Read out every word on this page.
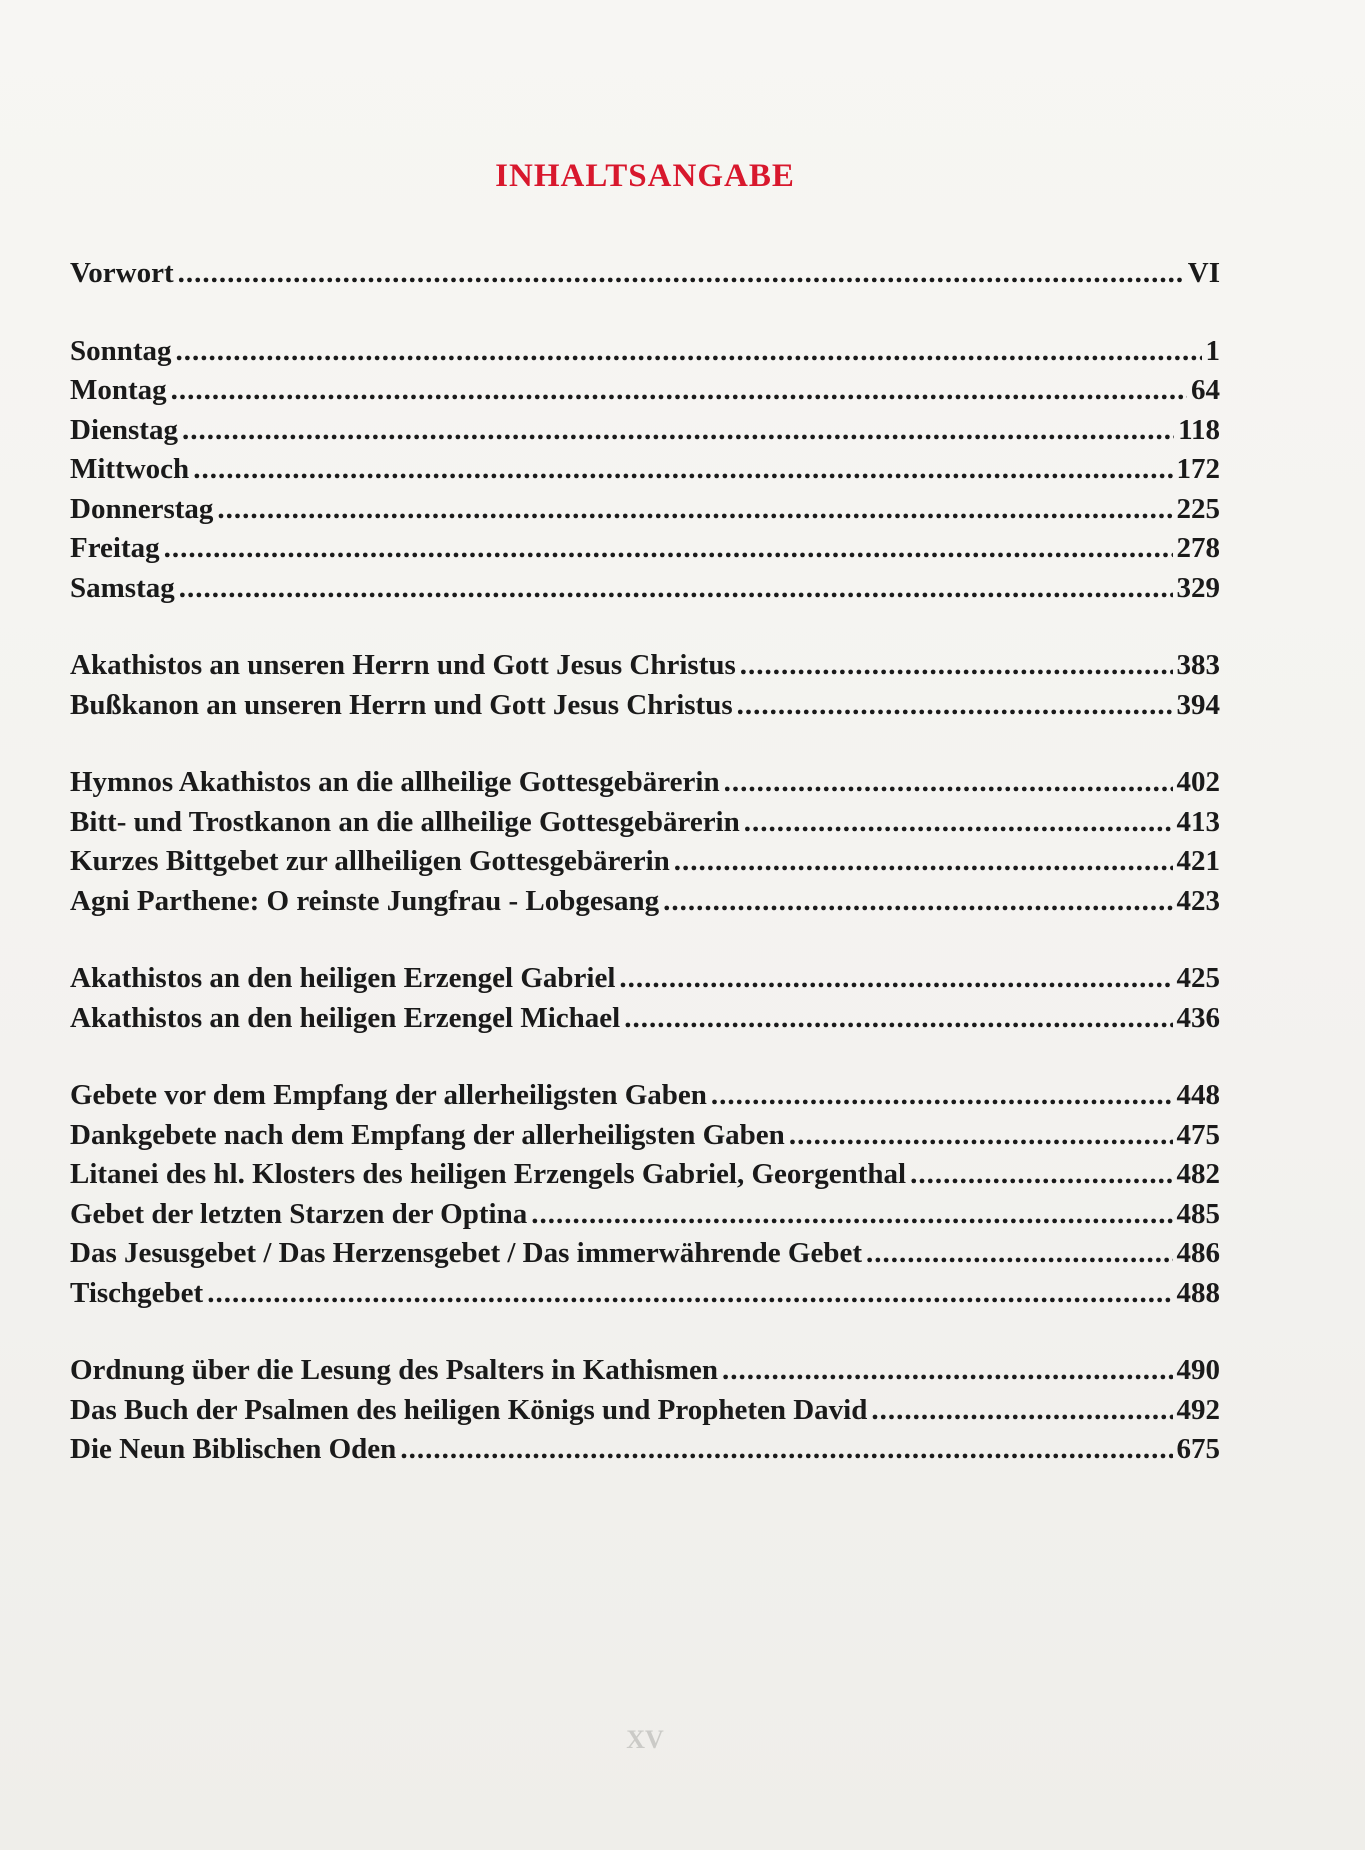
INHALTSANGABE
Vorwort .....	VI
Sonntag .....	1
Montag .....	64
Dienstag .....	118
Mittwoch .....	172
Donnerstag .....	225
Freitag .....	278
Samstag .....	329
Akathistos an unseren Herrn und Gott Jesus Christus .....	383
Bußkanon an unseren Herrn und Gott Jesus Christus .....	394
Hymnos Akathistos an die allheilige Gottesgebärerin .....	402
Bitt- und Trostkanon an die allheilige Gottesgebärerin .....	413
Kurzes Bittgebet zur allheiligen Gottesgebärerin .....	421
Agni Parthene: O reinste Jungfrau - Lobgesang .....	423
Akathistos an den heiligen Erzengel Gabriel .....	425
Akathistos an den heiligen Erzengel Michael .....	436
Gebete vor dem Empfang der allerheiligsten Gaben .....	448
Dankgebete nach dem Empfang der allerheiligsten Gaben .....	475
Litanei des hl. Klosters des heiligen Erzengels Gabriel, Georgenthal .....	482
Gebet der letzten Starzen der Optina .....	485
Das Jesusgebet / Das Herzensgebet / Das immerwährende Gebet .....	486
Tischgebet .....	488
Ordnung über die Lesung des Psalters in Kathismen .....	490
Das Buch der Psalmen des heiligen Königs und Propheten David .....	492
Die Neun Biblischen Oden .....	675
XV
